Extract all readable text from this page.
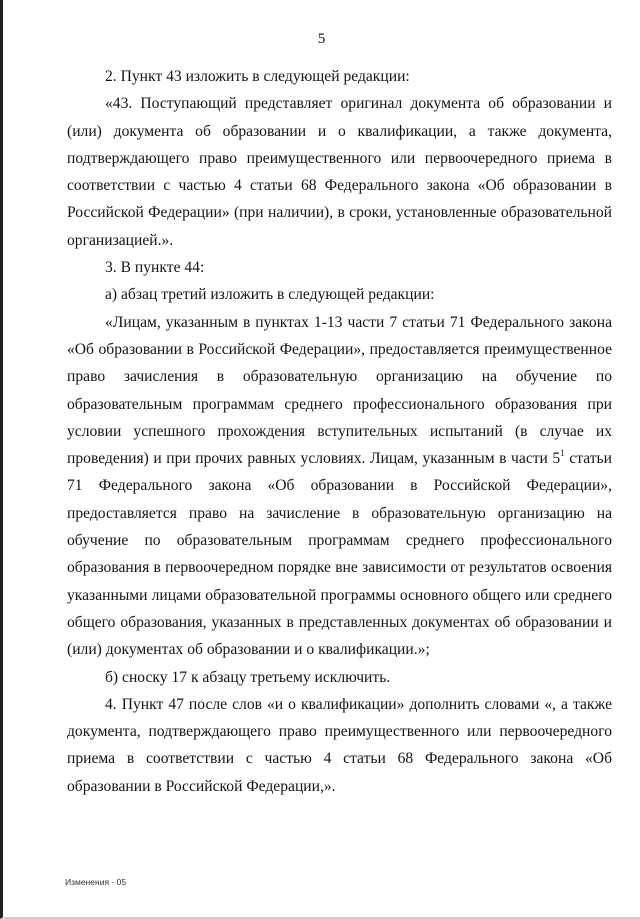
5

2. Пункт 43 изложить в следующей редакции:

«43. Поступающий представляет оригинал документа об образовании и (или) документа об образовании и о квалификации, а также документа, подтверждающего право преимущественного или первоочередного приема в соответствии с частью 4 статьи 68 Федерального закона «Об образовании в Российской Федерации» (при наличии), в сроки, установленные образовательной организацией.».

3. В пункте 44:

а) абзац третий изложить в следующей редакции:

«Лицам, указанным в пунктах 1-13 части 7 статьи 71 Федерального закона «Об образовании в Российской Федерации», предоставляется преимущественное право зачисления в образовательную организацию на обучение по образовательным программам среднего профессионального образования при условии успешного прохождения вступительных испытаний (в случае их проведения) и при прочих равных условиях. Лицам, указанным в части $5^1$ статьи 71 Федерального закона «Об образовании в Российской Федерации», предоставляется право на зачисление в образовательную организацию на обучение по образовательным программам среднего профессионального образования в первоочередном порядке вне зависимости от результатов освоения указанными лицами образовательной программы основного общего или среднего общего образования, указанных в представленных документах об образовании и (или) документах об образовании и о квалификации.»;

б) сноску 17 к абзацу третьему исключить.

4. Пункт 47 после слов «и о квалификации» дополнить словами «, а также документа, подтверждающего право преимущественного или первоочередного приема в соответствии с частью 4 статьи 68 Федерального закона «Об образовании в Российской Федерации,».

Изменения - 05
